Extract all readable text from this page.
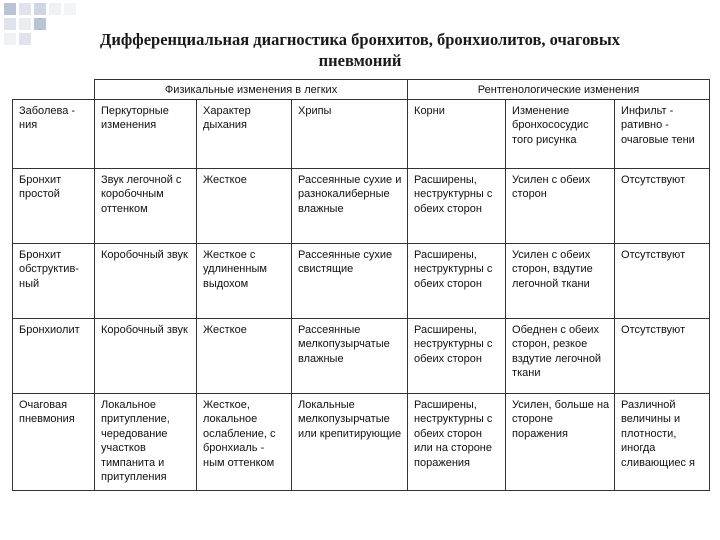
Дифференциальная диагностика бронхитов, бронхиолитов, очаговых
пневмоний
	Физикальные изменения в легких			Рентгенологические изменения		
Заболева - ния	Перкуторные изменения	Характер дыхания	Хрипы	Корни	Изменение бронхососудис того рисунка	Инфильт - ративно - очаговые тени
Бронхит простой	Звук легочной с коробочным оттенком	Жесткое	Рассеянные сухие и разнокалиберные влажные	Расширены, неструктурны с обеих сторон	Усилен с обеих сторон	Отсутствуют
Бронхит обструктив- ный	Коробочный звук	Жесткое с удлиненным выдохом	Рассеянные сухие свистящие	Расширены, неструктурны с обеих сторон	Усилен с обеих сторон, вздутие легочной ткани	Отсутствуют
Бронхиолит	Коробочный звук	Жесткое	Рассеянные мелкопузырчатые влажные	Расширены, неструктурны с обеих сторон	Обеднен с обеих сторон, резкое вздутие легочной ткани	Отсутствуют
Очаговая пневмония	Локальное притупление, чередование участков тимпанита и притупления	Жесткое, локальное ослабление, с бронхиаль - ным оттенком	Локальные мелкопузырчатые или крепитирующие	Расширены, неструктурны с обеих сторон или на стороне поражения	Усилен, больше на стороне поражения	Различной величины и плотности, иногда сливающиес я
